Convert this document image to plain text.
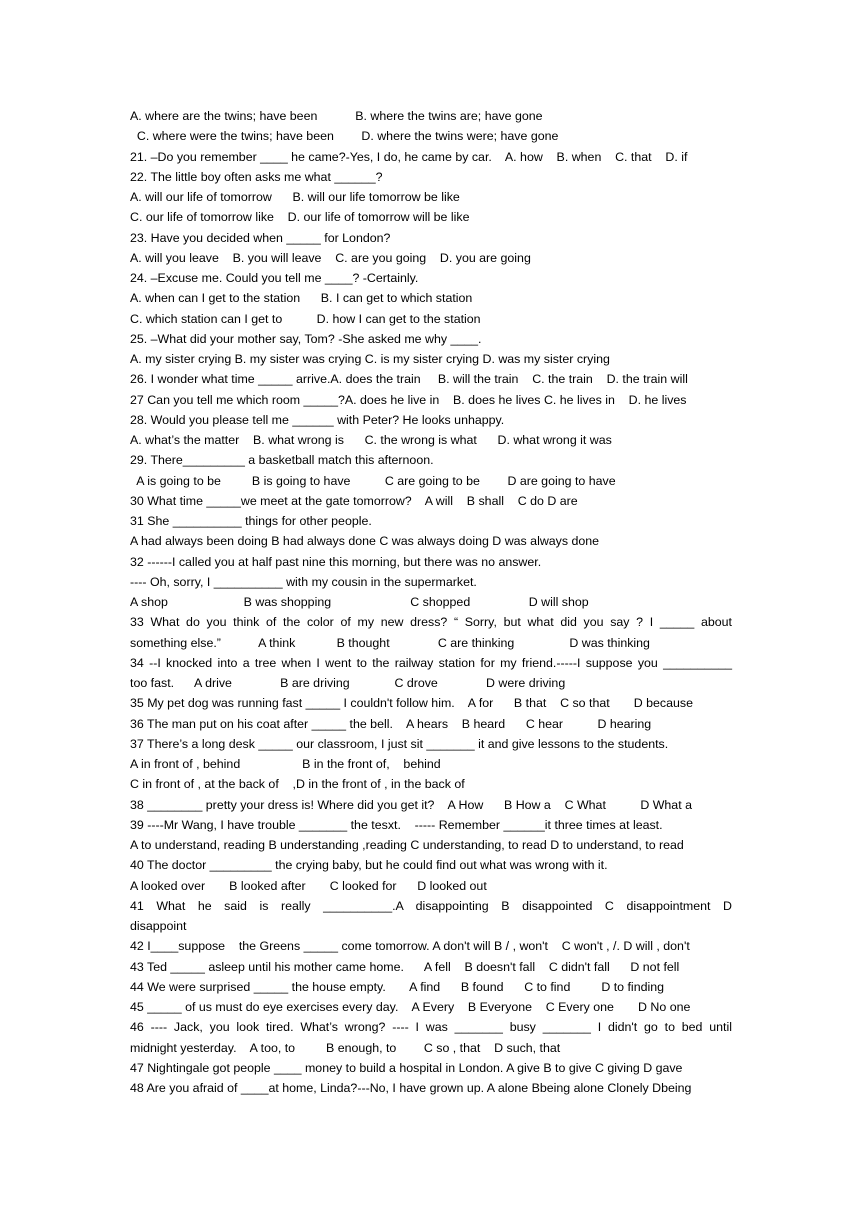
A. where are the twins; have been           B. where the twins are; have gone
C. where were the twins; have been        D. where the twins were; have gone
21. –Do you remember ____ he came?-Yes, I do, he came by car.    A. how    B. when    C. that    D. if
22. The little boy often asks me what ______?
A. will our life of tomorrow      B. will our life tomorrow be like
C. our life of tomorrow like    D. our life of tomorrow will be like
23. Have you decided when _____ for London?
A. will you leave    B. you will leave    C. are you going    D. you are going
24. –Excuse me. Could you tell me ____? -Certainly.
A. when can I get to the station      B. I can get to which station
C. which station can I get to          D. how I can get to the station
25. –What did your mother say, Tom? -She asked me why ____.
A. my sister crying B. my sister was crying C. is my sister crying D. was my sister crying
26. I wonder what time _____ arrive.A. does the train     B. will the train    C. the train    D. the train will
27 Can you tell me which room _____?A. does he live in    B. does he lives C. he lives in    D. he lives
28. Would you please tell me ______ with Peter? He looks unhappy.
A. what’s the matter    B. what wrong is      C. the wrong is what      D. what wrong it was
29. There_________ a basketball match this afternoon.
A is going to be         B is going to have          C are going to be        D are going to have
30 What time _____we meet at the gate tomorrow?    A will    B shall    C do D are
31 She __________ things for other people.
A had always been doing B had always done C was always doing D was always done
32 ------I called you at half past nine this morning, but there was no answer.
---- Oh, sorry, I __________ with my cousin in the supermarket.
A shop                      B was shopping                       C shopped                 D will shop
33 What do you think of the color of my new dress? “ Sorry, but what did you say ? I _____ about
something else.”           A think            B thought              C are thinking                D was thinking
34 --I knocked into a tree when I went to the railway station for my friend.-----I suppose you __________
too fast.      A drive              B are driving             C drove              D were driving
35 My pet dog was running fast _____ I couldn't follow him.    A for      B that    C so that       D because
36 The man put on his coat after _____ the bell.    A hears    B heard      C hear          D hearing
37 There’s a long desk _____ our classroom, I just sit _______ it and give lessons to the students.
A in front of , behind                  B in the front of,    behind
C in front of , at the back of    ,D in the front of , in the back of
38 ________ pretty your dress is! Where did you get it?    A How      B How a    C What          D What a
39 ----Mr Wang, I have trouble _______ the tesxt.    ----- Remember ______it three times at least.
A to understand, reading B understanding ,reading C understanding, to read D to understand, to read
40 The doctor _________ the crying baby, but he could find out what was wrong with it.
A looked over       B looked after       C looked for      D looked out
41 What he said is really __________.A disappointing B disappointed C disappointment D
disappoint
42 I____suppose    the Greens _____ come tomorrow. A don't will B / , won't    C won't , /. D will , don't
43 Ted _____ asleep until his mother came home.      A fell    B doesn't fall    C didn't fall      D not fell
44 We were surprised _____ the house empty.       A find      B found      C to find         D to finding
45 _____ of us must do eye exercises every day.    A Every    B Everyone    C Every one       D No one
46 ---- Jack, you look tired. What’s wrong? ---- I was _______ busy _______ I didn't go to bed until
midnight yesterday.    A too, to         B enough, to        C so , that    D such, that
47 Nightingale got people ____ money to build a hospital in London. A give B to give C giving D gave
48 Are you afraid of ____at home, Linda?---No, I have grown up. A alone Bbeing alone Clonely Dbeing
